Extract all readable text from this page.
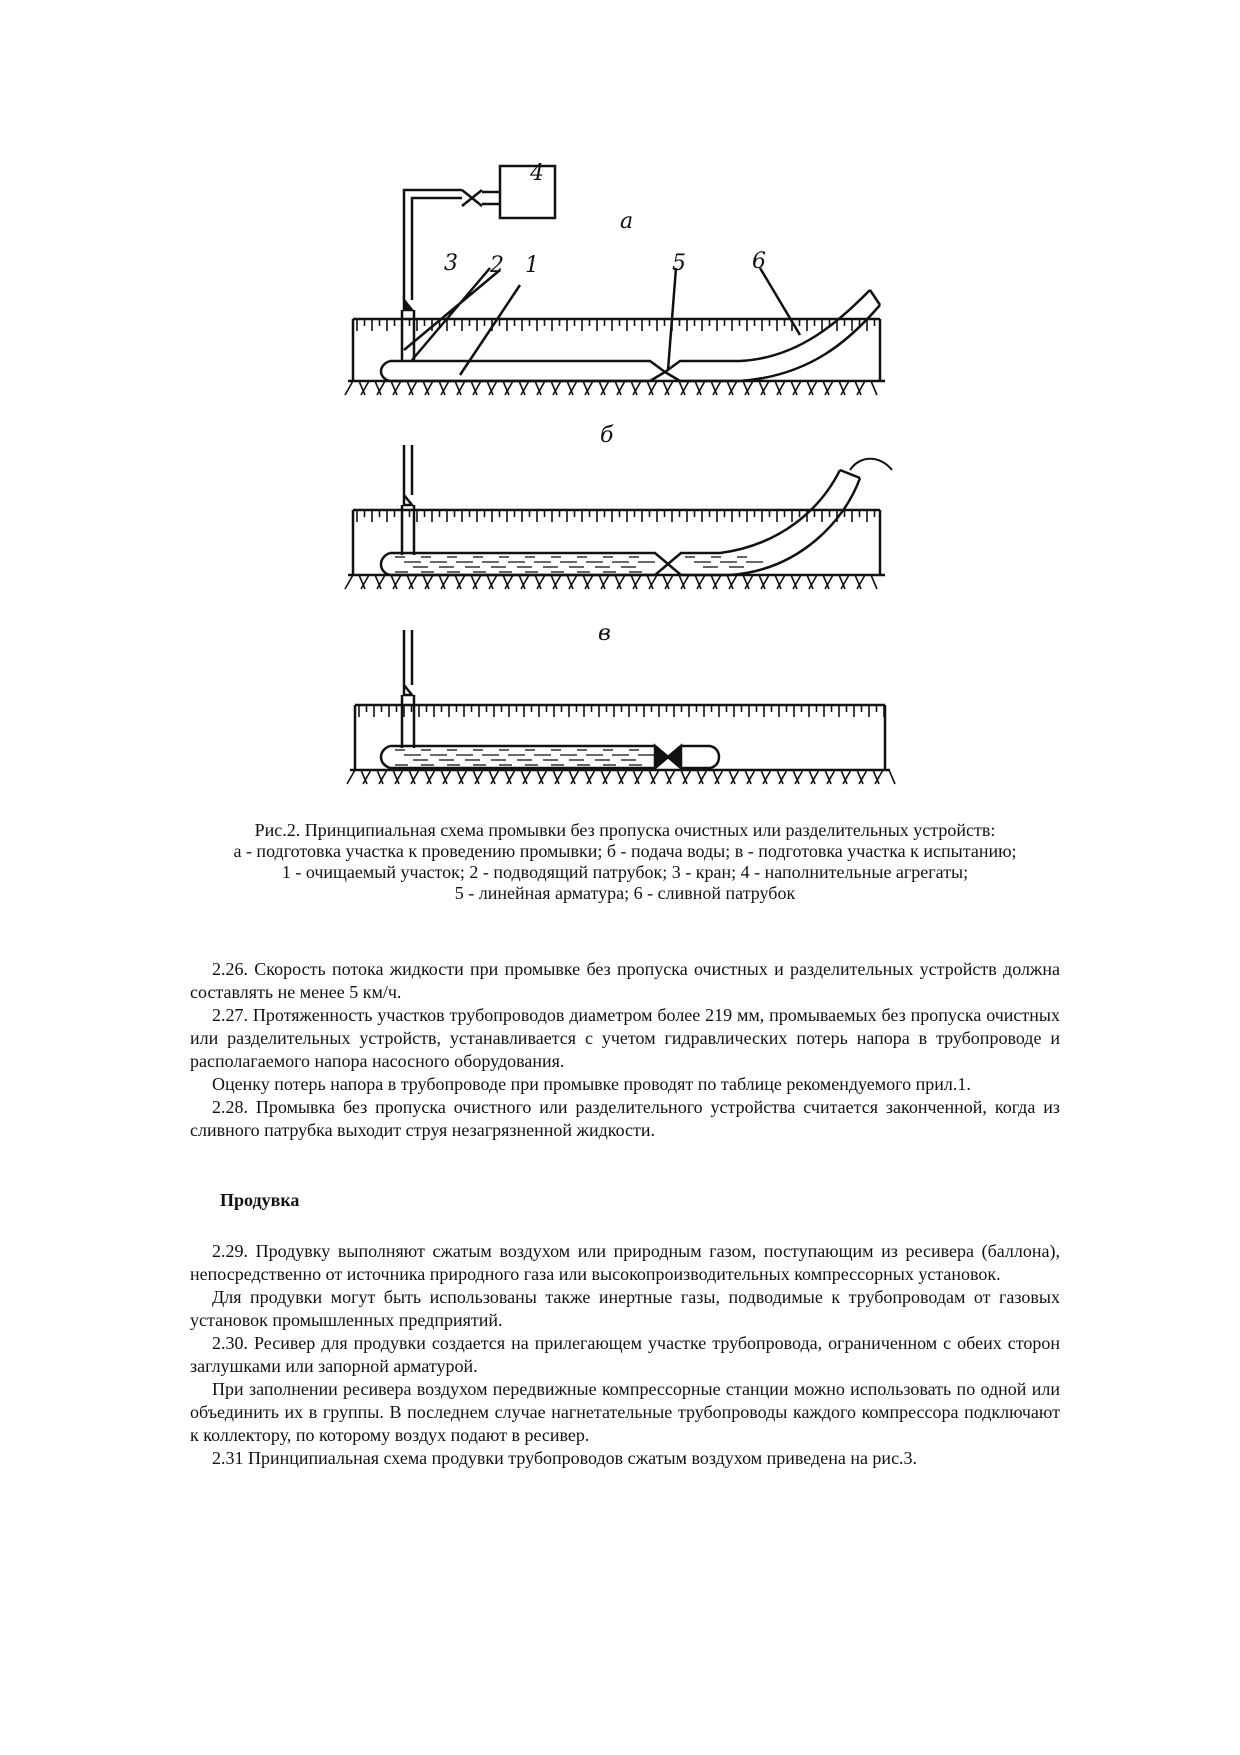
а
4
3 2 1	5	6
б
в
Рис.2. Принципиальная схема промывки без пропуска очистных или разделительных устройств:
а - подготовка участка к проведению промывки; б - подача воды; в - подготовка участка к испытанию;
1 - очищаемый участок; 2 - подводящий патрубок; 3 - кран; 4 - наполнительные агрегаты;
5 - линейная арматура; 6 - сливной патрубок

2.26. Скорость потока жидкости при промывке без пропуска очистных и разделительных устройств должна составлять не менее 5 км/ч.

2.27. Протяженность участков трубопроводов диаметром более 219 мм, промываемых без пропуска очистных или разделительных устройств, устанавливается с учетом гидравлических потерь напора в трубопроводе и располагаемого напора насосного оборудования.

Оценку потерь напора в трубопроводе при промывке проводят по таблице рекомендуемого прил.1.

2.28. Промывка без пропуска очистного или разделительного устройства считается законченной, когда из сливного патрубка выходит струя незагрязненной жидкости.

Продувка

2.29. Продувку выполняют сжатым воздухом или природным газом, поступающим из ресивера (баллона), непосредственно от источника природного газа или высокопроизводительных компрессорных установок.

Для продувки могут быть использованы также инертные газы, подводимые к трубопроводам от газовых установок промышленных предприятий.

2.30. Ресивер для продувки создается на прилегающем участке трубопровода, ограниченном с обеих сторон заглушками или запорной арматурой.

При заполнении ресивера воздухом передвижные компрессорные станции можно использовать по одной или объединить их в группы. В последнем случае нагнетательные трубопроводы каждого компрессора подключают к коллектору, по которому воздух подают в ресивер.

2.31 Принципиальная схема продувки трубопроводов сжатым воздухом приведена на рис.3.
